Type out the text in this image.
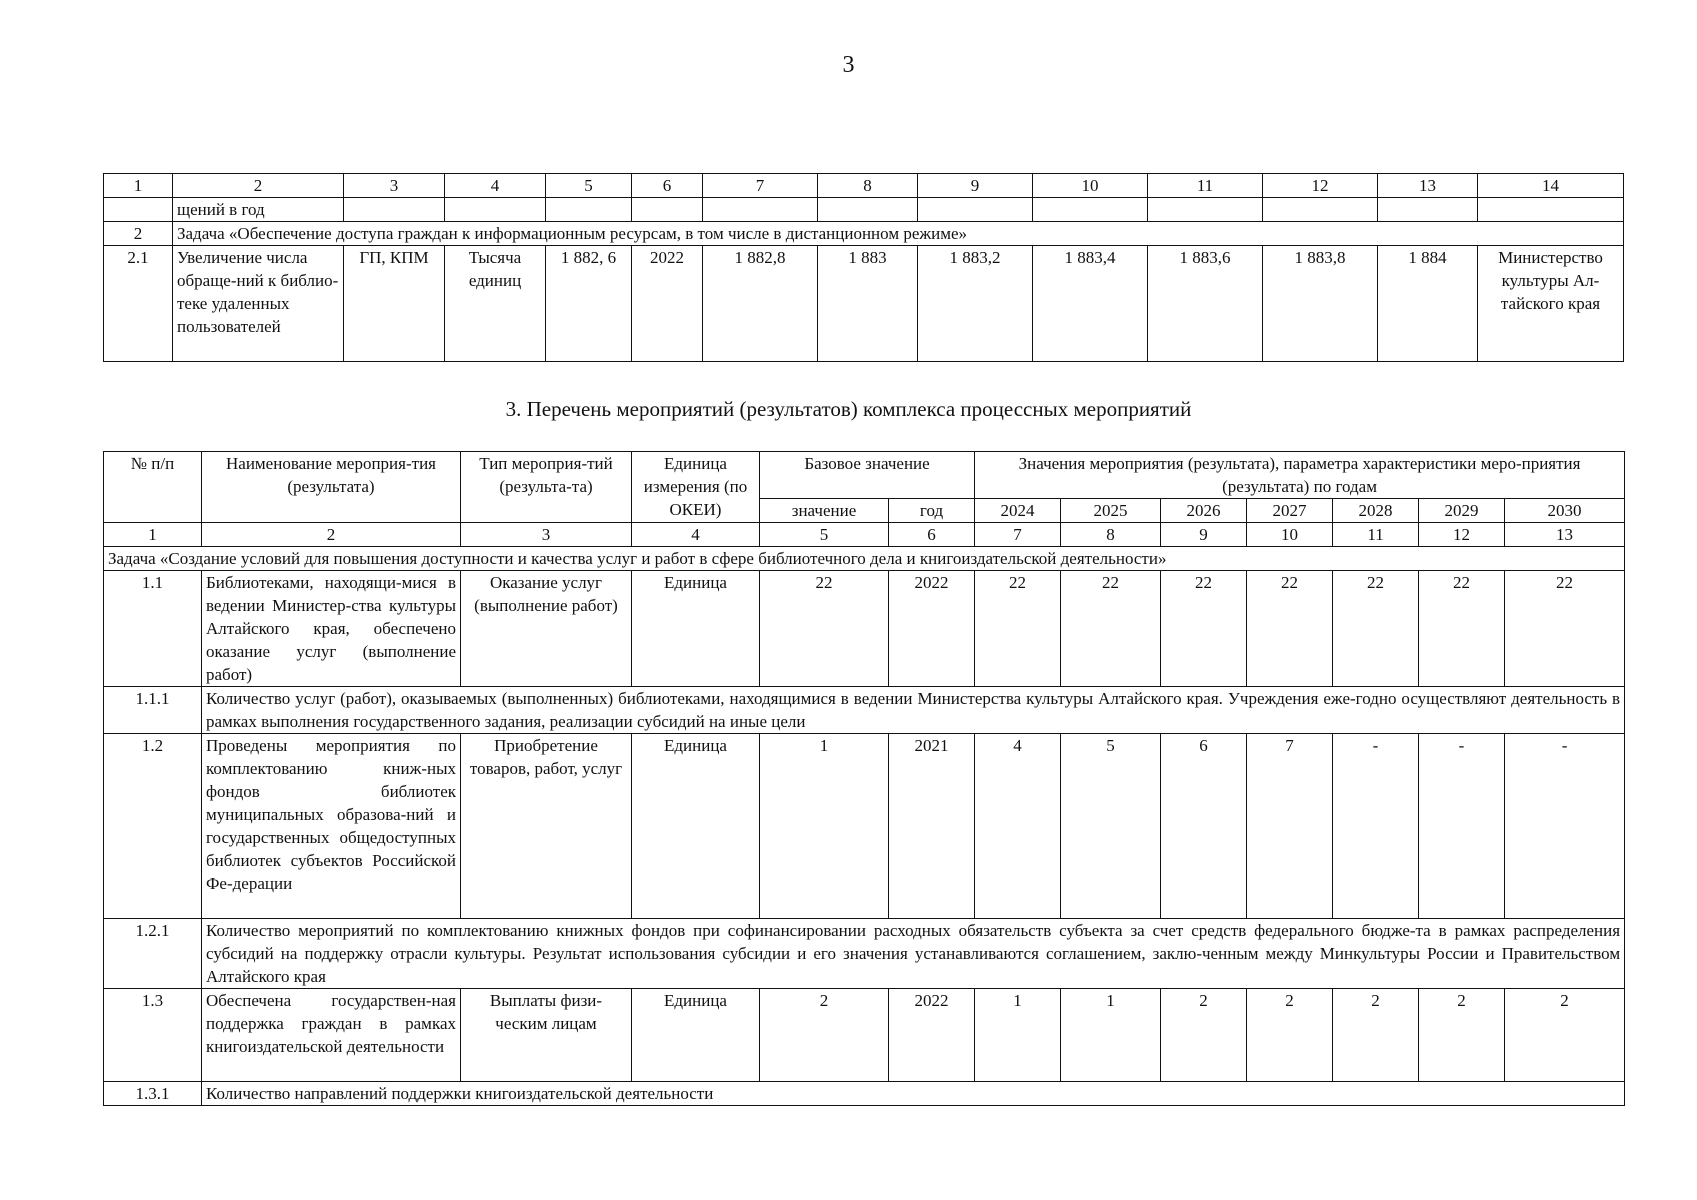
3
1	2	3	4	5	6	7	8	9	10	11	12	13	14
	щений в год												
2	Задача «Обеспечение доступа граждан к информационным ресурсам, в том числе в дистанционном режиме»												
2.1	Увеличение числа обраще-ний к библио-теке удаленных пользователей	ГП, КПМ	Тысяча единиц	1 882, 6	2022	1 882,8	1 883	1 883,2	1 883,4	1 883,6	1 883,8	1 884	Министерство культуры Ал-тайского края
3. Перечень мероприятий (результатов) комплекса процессных мероприятий
№ п/п	Наименование мероприя-тия (результата)	Тип мероприя-тий (результа-та)	Единица измерения (по ОКЕИ)	Базовое значение		Значения мероприятия (результата), параметра характеристики меро-приятия (результата) по годам						
				значение	год	2024	2025	2026	2027	2028	2029	2030
1	2	3	4	5	6	7	8	9	10	11	12	13
Задача «Создание условий для повышения доступности и качества услуг и работ в сфере библиотечного дела и книгоиздательской деятельности»												
1.1	Библиотеками, находящи-мися в ведении Министер-ства культуры Алтайского края, обеспечено оказание услуг (выполнение работ)	Оказание услуг (выполнение работ)	Единица	22	2022	22	22	22	22	22	22	22
1.1.1	Количество услуг (работ), оказываемых (выполненных) библиотеками, находящимися в ведении Министерства культуры Алтайского края. Учреждения еже-годно осуществляют деятельность в рамках выполнения государственного задания, реализации субсидий на иные цели											
1.2	Проведены мероприятия по комплектованию книж-ных фондов библиотек муниципальных образова-ний и государственных общедоступных библиотек субъектов Российской Фе-дерации	Приобретение товаров, работ, услуг	Единица	1	2021	4	5	6	7	-	-	-
1.2.1	Количество мероприятий по комплектованию книжных фондов при софинансировании расходных обязательств субъекта за счет средств федерального бюдже-та в рамках распределения субсидий на поддержку отрасли культуры. Результат использования субсидии и его значения устанавливаются соглашением, заклю-ченным между Минкультуры России и Правительством Алтайского края											
1.3	Обеспечена государствен-ная поддержка граждан в рамках книгоиздательской деятельности	Выплаты физи-ческим лицам	Единица	2	2022	1	1	2	2	2	2	2
1.3.1	Количество направлений поддержки книгоиздательской деятельности											
